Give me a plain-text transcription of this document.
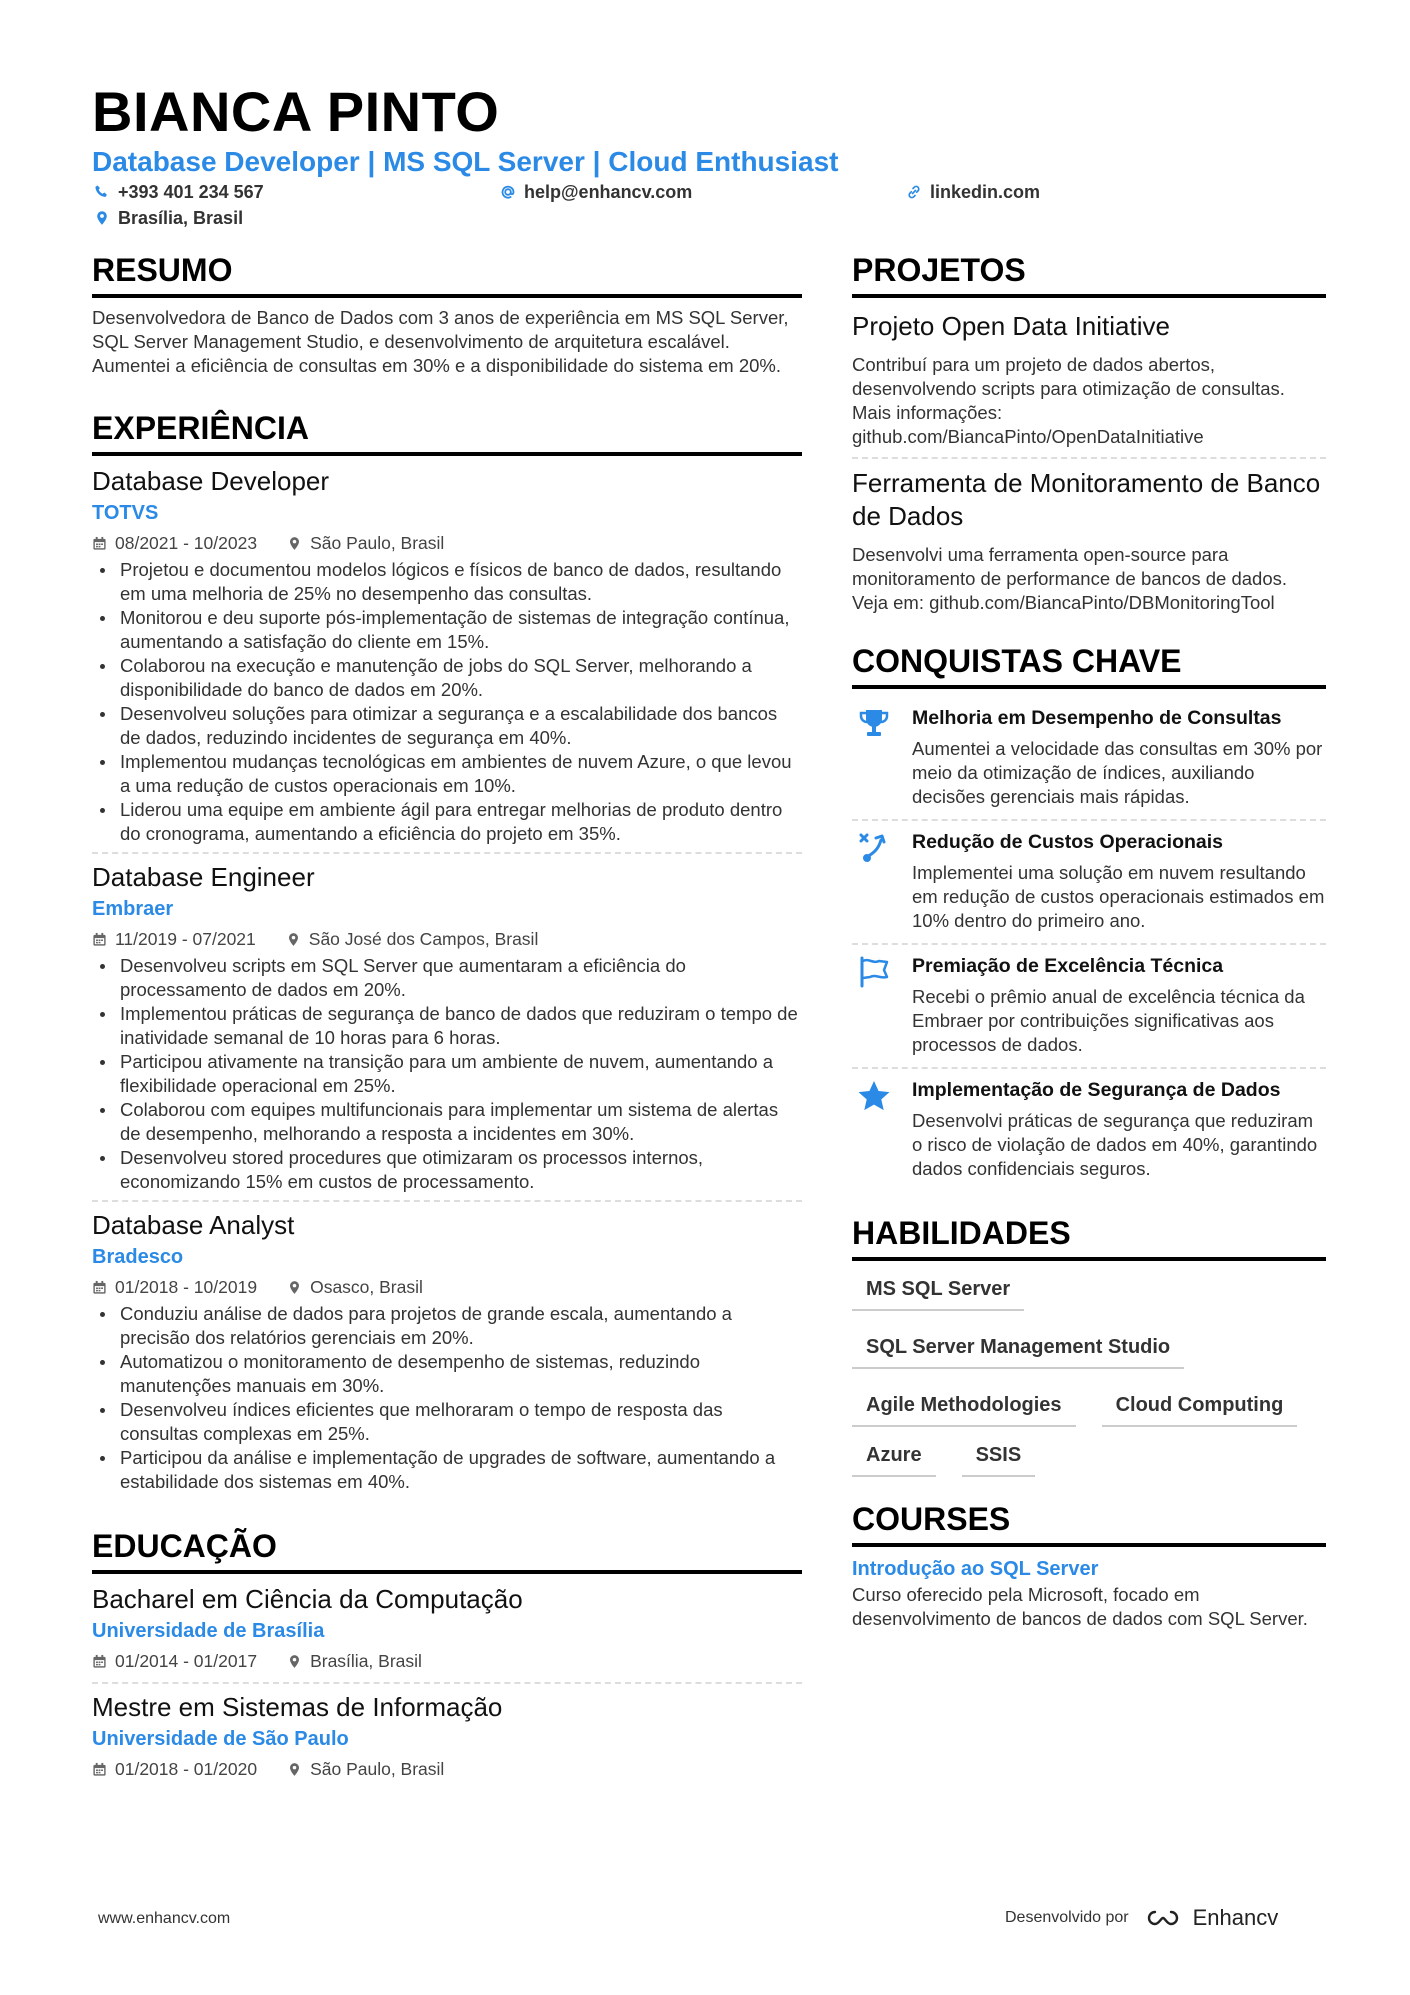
BIANCA PINTO
Database Developer | MS SQL Server | Cloud Enthusiast
+393 401 234 567	help@enhancv.com	linkedin.com
Brasília, Brasil
RESUMO
Desenvolvedora de Banco de Dados com 3 anos de experiência em MS SQL Server, SQL Server Management Studio, e desenvolvimento de arquitetura escalável. Aumentei a eficiência de consultas em 30% e a disponibilidade do sistema em 20%.
EXPERIÊNCIA
Database Developer
TOTVS
08/2021 - 10/2023	São Paulo, Brasil
Projetou e documentou modelos lógicos e físicos de banco de dados, resultando em uma melhoria de 25% no desempenho das consultas.
Monitorou e deu suporte pós-implementação de sistemas de integração contínua, aumentando a satisfação do cliente em 15%.
Colaborou na execução e manutenção de jobs do SQL Server, melhorando a disponibilidade do banco de dados em 20%.
Desenvolveu soluções para otimizar a segurança e a escalabilidade dos bancos de dados, reduzindo incidentes de segurança em 40%.
Implementou mudanças tecnológicas em ambientes de nuvem Azure, o que levou a uma redução de custos operacionais em 10%.
Liderou uma equipe em ambiente ágil para entregar melhorias de produto dentro do cronograma, aumentando a eficiência do projeto em 35%.
Database Engineer
Embraer
11/2019 - 07/2021	São José dos Campos, Brasil
Desenvolveu scripts em SQL Server que aumentaram a eficiência do processamento de dados em 20%.
Implementou práticas de segurança de banco de dados que reduziram o tempo de inatividade semanal de 10 horas para 6 horas.
Participou ativamente na transição para um ambiente de nuvem, aumentando a flexibilidade operacional em 25%.
Colaborou com equipes multifuncionais para implementar um sistema de alertas de desempenho, melhorando a resposta a incidentes em 30%.
Desenvolveu stored procedures que otimizaram os processos internos, economizando 15% em custos de processamento.
Database Analyst
Bradesco
01/2018 - 10/2019	Osasco, Brasil
Conduziu análise de dados para projetos de grande escala, aumentando a precisão dos relatórios gerenciais em 20%.
Automatizou o monitoramento de desempenho de sistemas, reduzindo manutenções manuais em 30%.
Desenvolveu índices eficientes que melhoraram o tempo de resposta das consultas complexas em 25%.
Participou da análise e implementação de upgrades de software, aumentando a estabilidade dos sistemas em 40%.
EDUCAÇÃO
Bacharel em Ciência da Computação
Universidade de Brasília
01/2014 - 01/2017	Brasília, Brasil
Mestre em Sistemas de Informação
Universidade de São Paulo
01/2018 - 01/2020	São Paulo, Brasil
PROJETOS
Projeto Open Data Initiative
Contribuí para um projeto de dados abertos, desenvolvendo scripts para otimização de consultas. Mais informações: github.com/BiancaPinto/OpenDataInitiative
Ferramenta de Monitoramento de Banco de Dados
Desenvolvi uma ferramenta open-source para monitoramento de performance de bancos de dados. Veja em: github.com/BiancaPinto/DBMonitoringTool
CONQUISTAS CHAVE
Melhoria em Desempenho de Consultas
Aumentei a velocidade das consultas em 30% por meio da otimização de índices, auxiliando decisões gerenciais mais rápidas.
Redução de Custos Operacionais
Implementei uma solução em nuvem resultando em redução de custos operacionais estimados em 10% dentro do primeiro ano.
Premiação de Excelência Técnica
Recebi o prêmio anual de excelência técnica da Embraer por contribuições significativas aos processos de dados.
Implementação de Segurança de Dados
Desenvolvi práticas de segurança que reduziram o risco de violação de dados em 40%, garantindo dados confidenciais seguros.
HABILIDADES
MS SQL Server
SQL Server Management Studio
Agile Methodologies	Cloud Computing
Azure	SSIS
COURSES
Introdução ao SQL Server
Curso oferecido pela Microsoft, focado em desenvolvimento de bancos de dados com SQL Server.
www.enhancv.com	Desenvolvido por	Enhancv
